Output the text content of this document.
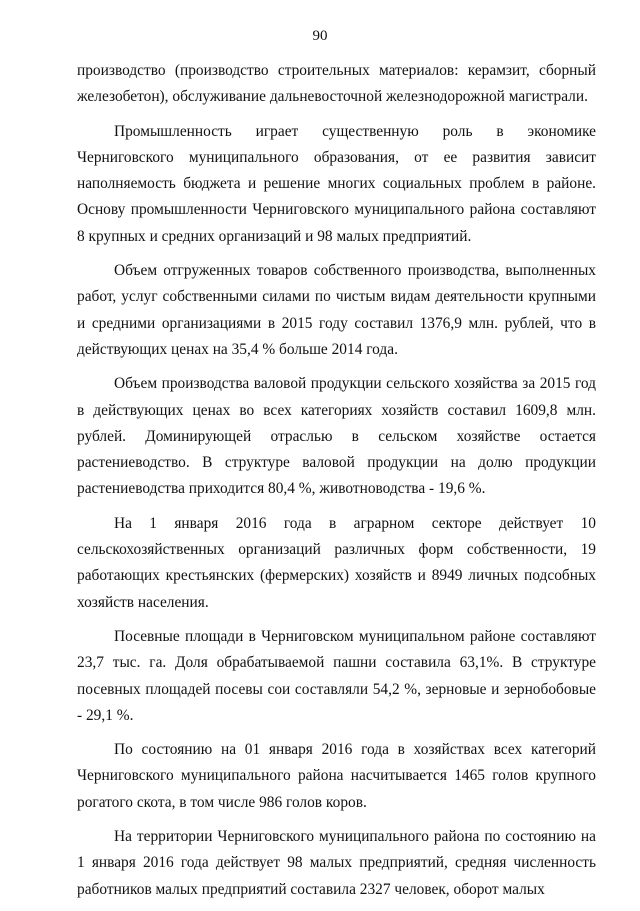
90

производство (производство строительных материалов: керамзит, сборный железобетон), обслуживание дальневосточной железнодорожной магистрали.

Промышленность играет существенную роль в экономике Черниговского муниципального образования, от ее развития зависит наполняемость бюджета и решение многих социальных проблем в районе. Основу промышленности Черниговского муниципального района составляют 8 крупных и средних организаций и 98 малых предприятий.

Объем отгруженных товаров собственного производства, выполненных работ, услуг собственными силами по чистым видам деятельности крупными и средними организациями в 2015 году составил 1376,9 млн. рублей, что в действующих ценах на 35,4 % больше 2014 года.

Объем производства валовой продукции сельского хозяйства за 2015 год в действующих ценах во всех категориях хозяйств составил 1609,8 млн. рублей. Доминирующей отраслью в сельском хозяйстве остается растениеводство. В структуре валовой продукции на долю продукции растениеводства приходится 80,4 %, животноводства - 19,6 %.

На 1 января 2016 года в аграрном секторе действует 10 сельскохозяйственных организаций различных форм собственности, 19 работающих крестьянских (фермерских) хозяйств и 8949 личных подсобных хозяйств населения.

Посевные площади в Черниговском муниципальном районе составляют 23,7 тыс. га. Доля обрабатываемой пашни составила 63,1%. В структуре посевных площадей посевы сои составляли 54,2 %, зерновые и зернобобовые - 29,1 %.

По состоянию на 01 января 2016 года в хозяйствах всех категорий Черниговского муниципального района насчитывается 1465 голов крупного рогатого скота, в том числе 986 голов коров.

На территории Черниговского муниципального района по состоянию на 1 января 2016 года действует 98 малых предприятий, средняя численность работников малых предприятий составила 2327 человек, оборот малых
